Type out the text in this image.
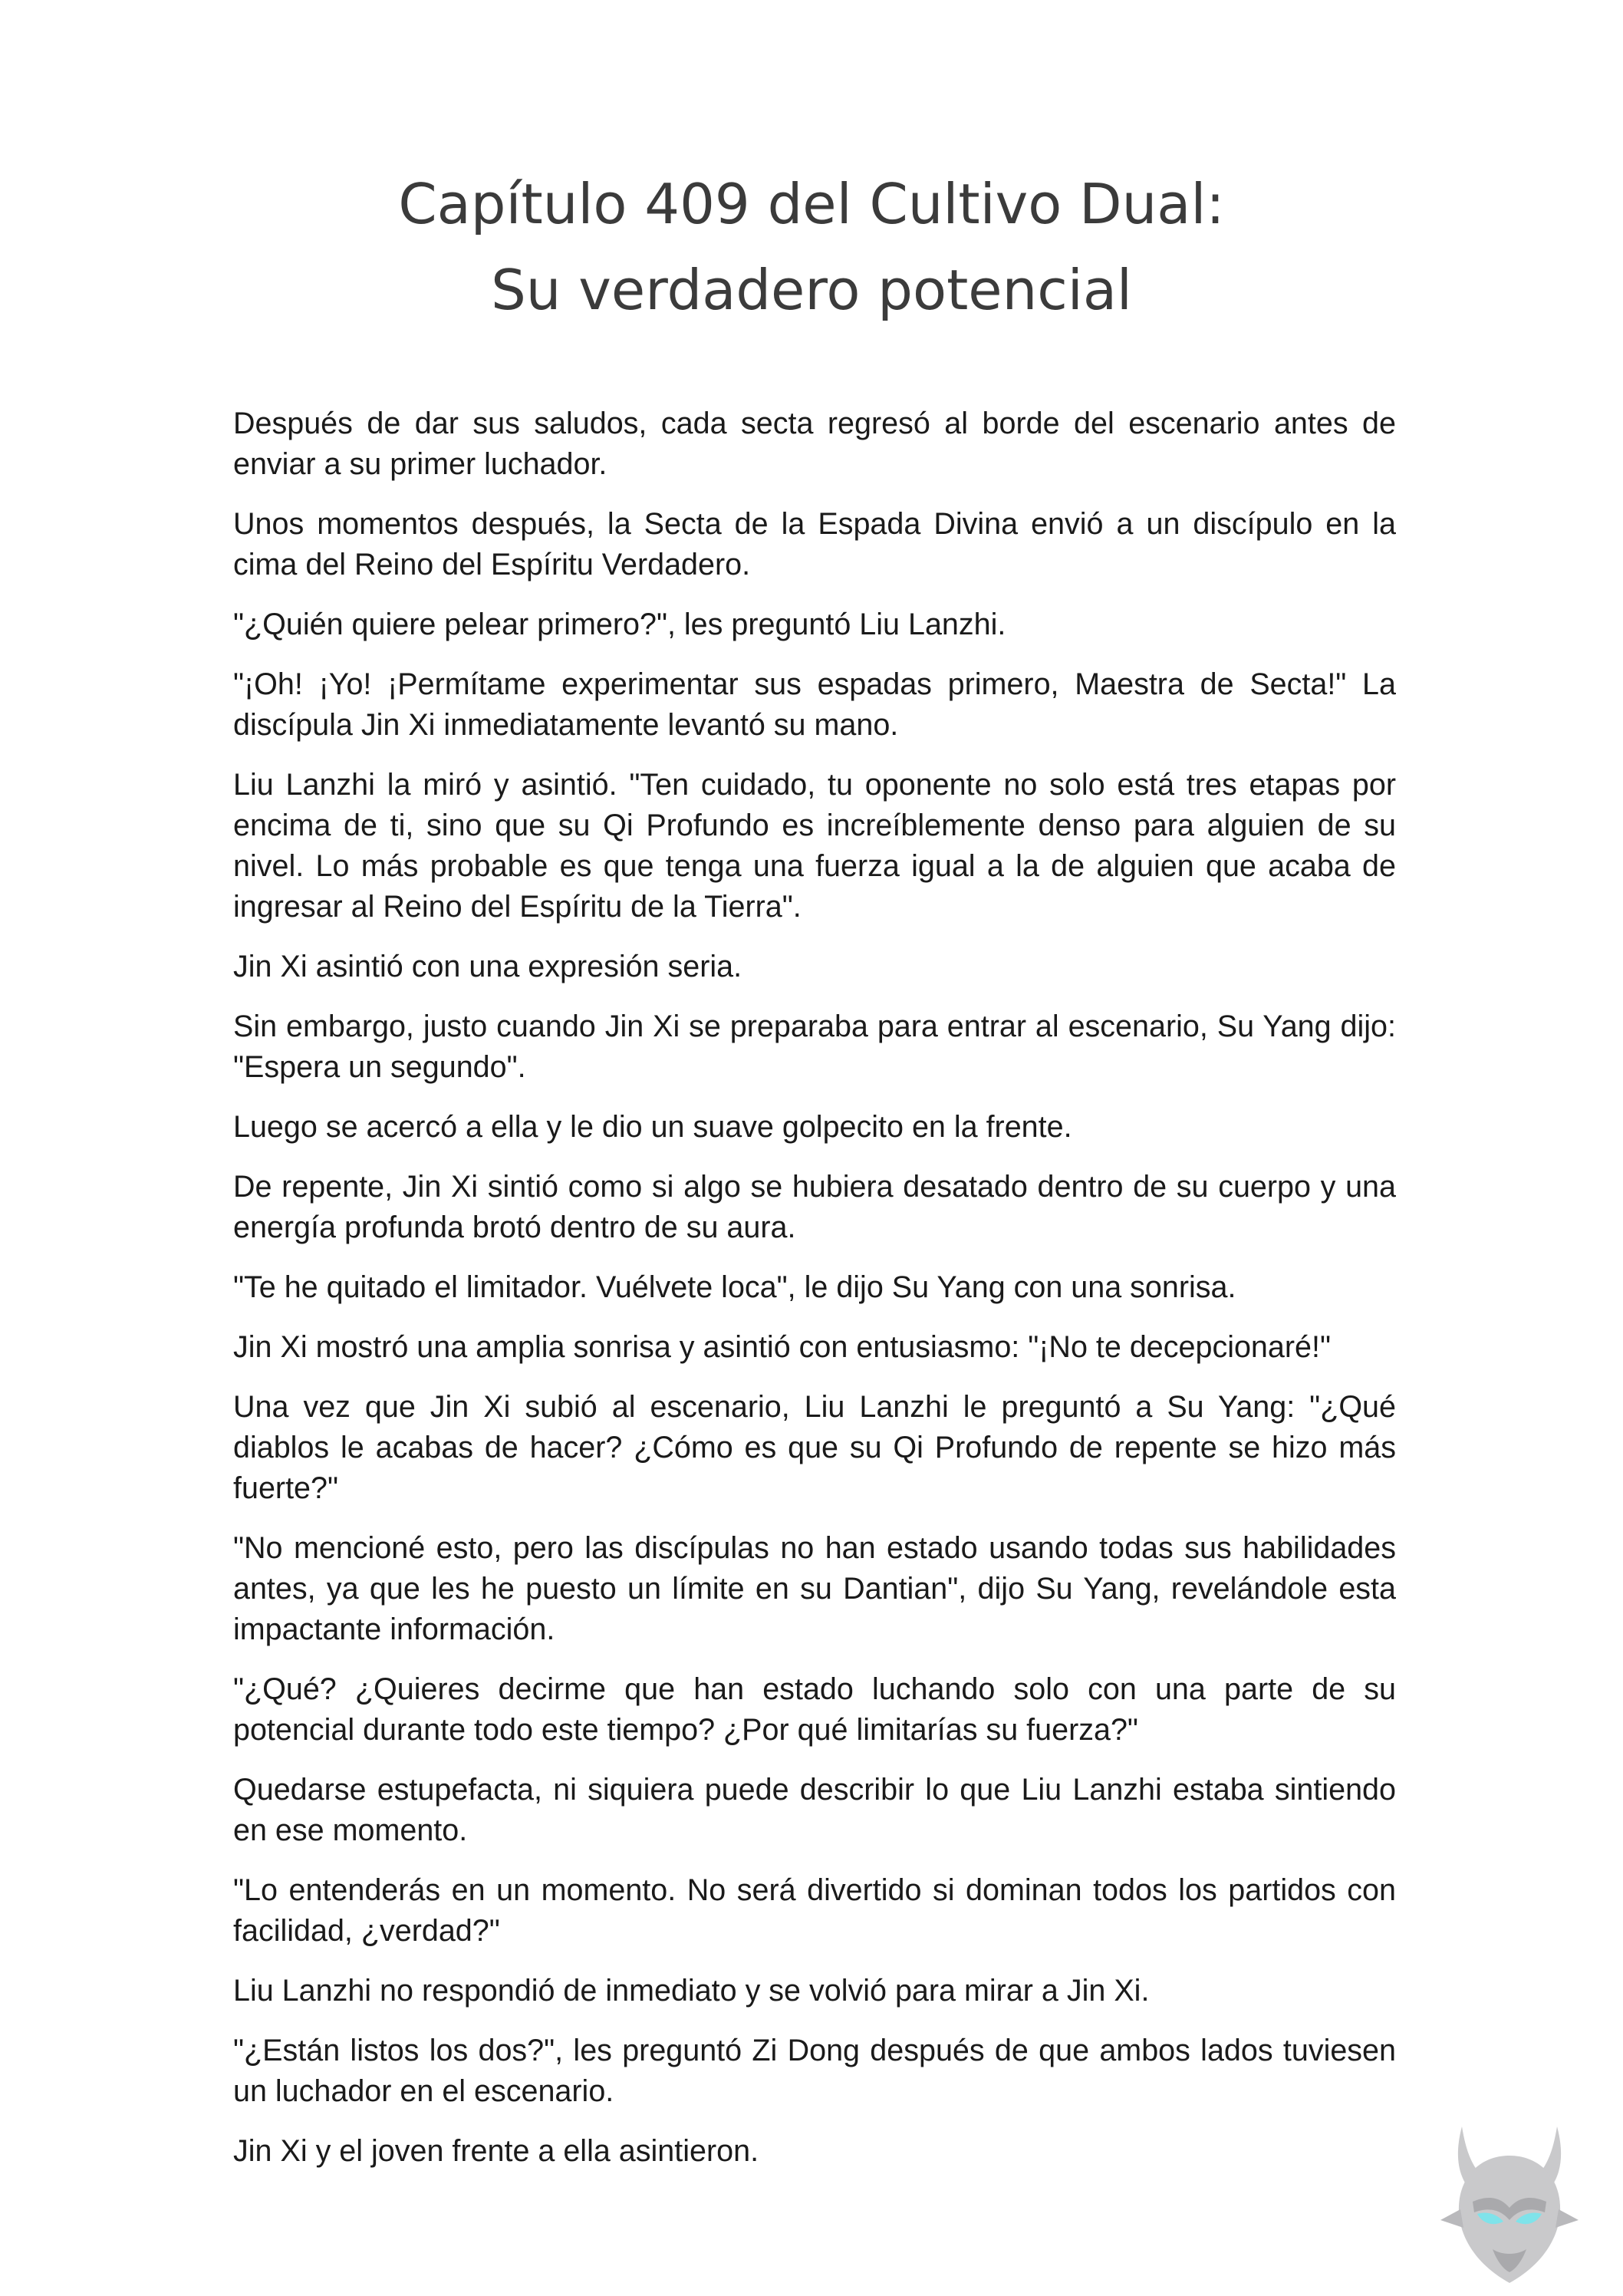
Capítulo 409 del Cultivo Dual:
Su verdadero potencial

Después de dar sus saludos, cada secta regresó al borde del escenario antes de enviar a su primer luchador.

Unos momentos después, la Secta de la Espada Divina envió a un discípulo en la cima del Reino del Espíritu Verdadero.

"¿Quién quiere pelear primero?", les preguntó Liu Lanzhi.

"¡Oh! ¡Yo! ¡Permítame experimentar sus espadas primero, Maestra de Secta!" La discípula Jin Xi inmediatamente levantó su mano.

Liu Lanzhi la miró y asintió. "Ten cuidado, tu oponente no solo está tres etapas por encima de ti, sino que su Qi Profundo es increíblemente denso para alguien de su nivel. Lo más probable es que tenga una fuerza igual a la de alguien que acaba de ingresar al Reino del Espíritu de la Tierra".

Jin Xi asintió con una expresión seria.

Sin embargo, justo cuando Jin Xi se preparaba para entrar al escenario, Su Yang dijo: "Espera un segundo".

Luego se acercó a ella y le dio un suave golpecito en la frente.

De repente, Jin Xi sintió como si algo se hubiera desatado dentro de su cuerpo y una energía profunda brotó dentro de su aura.

"Te he quitado el limitador. Vuélvete loca", le dijo Su Yang con una sonrisa.

Jin Xi mostró una amplia sonrisa y asintió con entusiasmo: "¡No te decepcionaré!"

Una vez que Jin Xi subió al escenario, Liu Lanzhi le preguntó a Su Yang: "¿Qué diablos le acabas de hacer? ¿Cómo es que su Qi Profundo de repente se hizo más fuerte?"

"No mencioné esto, pero las discípulas no han estado usando todas sus habilidades antes, ya que les he puesto un límite en su Dantian", dijo Su Yang, revelándole esta impactante información.

"¿Qué? ¿Quieres decirme que han estado luchando solo con una parte de su potencial durante todo este tiempo? ¿Por qué limitarías su fuerza?"

Quedarse estupefacta, ni siquiera puede describir lo que Liu Lanzhi estaba sintiendo en ese momento.

"Lo entenderás en un momento. No será divertido si dominan todos los partidos con facilidad, ¿verdad?"

Liu Lanzhi no respondió de inmediato y se volvió para mirar a Jin Xi.

"¿Están listos los dos?", les preguntó Zi Dong después de que ambos lados tuviesen un luchador en el escenario.

Jin Xi y el joven frente a ella asintieron.
